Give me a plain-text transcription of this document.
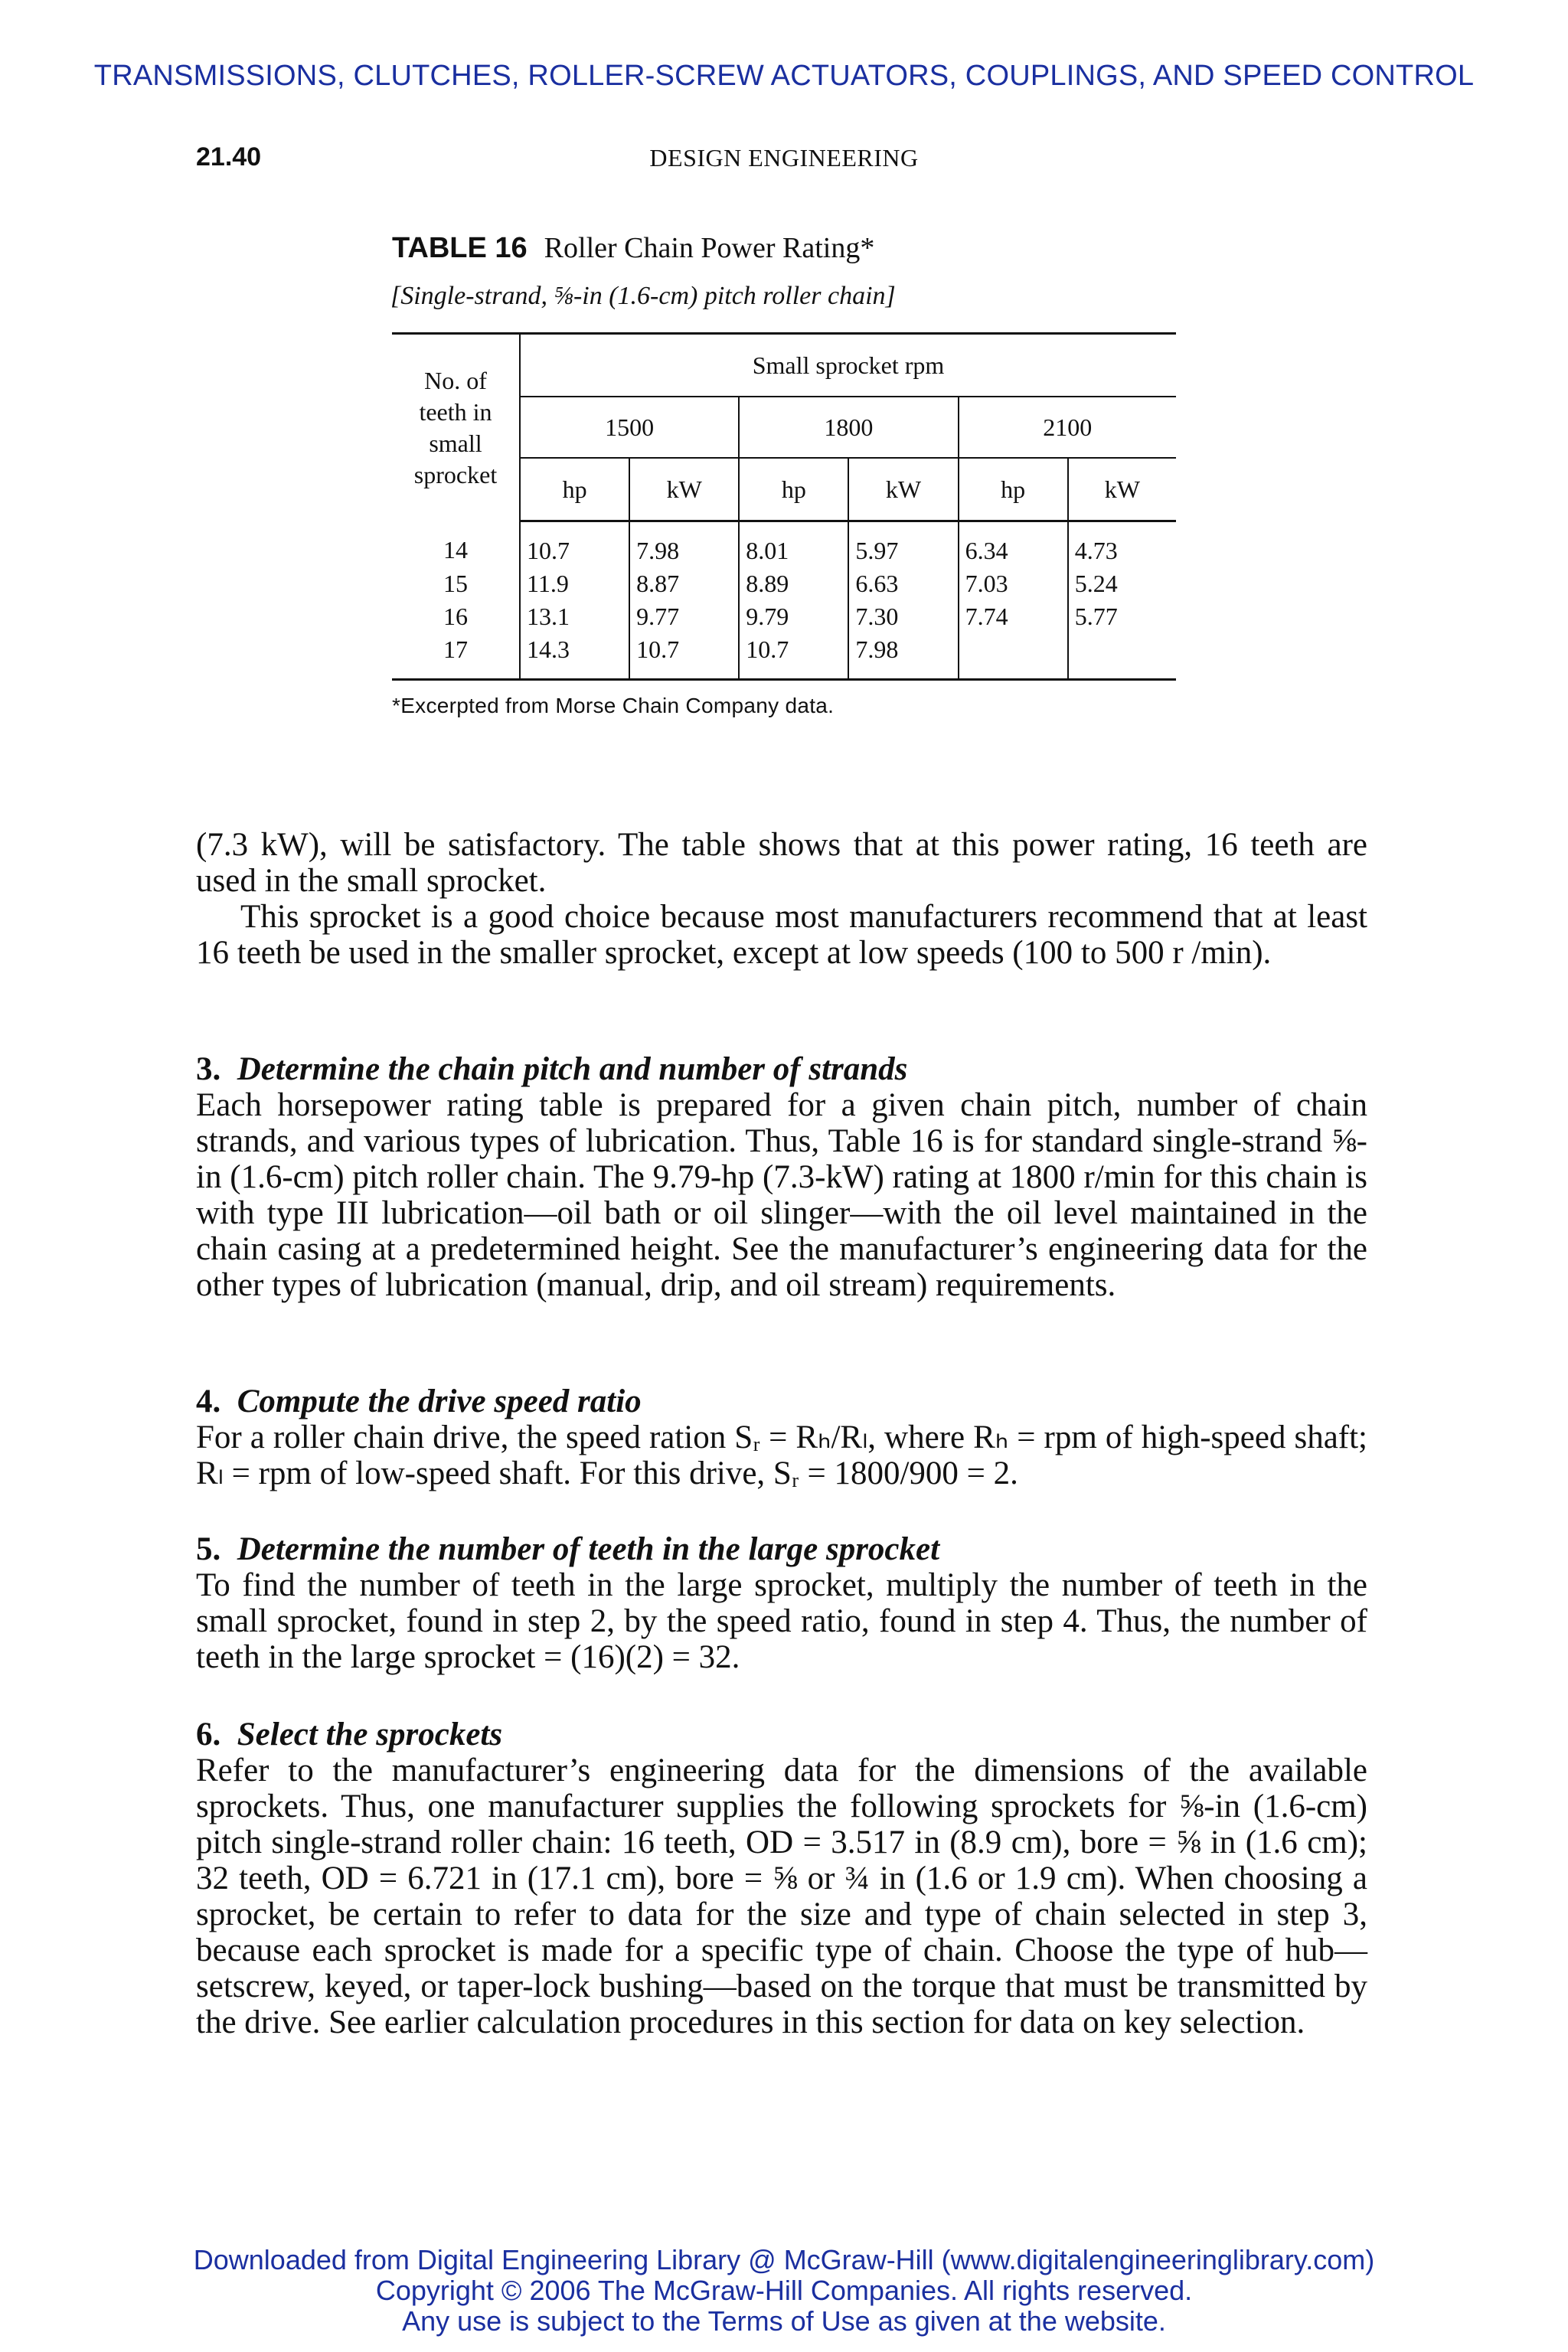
TRANSMISSIONS, CLUTCHES, ROLLER-SCREW ACTUATORS, COUPLINGS, AND SPEED CONTROL
21.40	DESIGN ENGINEERING
TABLE 16 Roller Chain Power Rating*
[Single-strand, ⅝-in (1.6-cm) pitch roller chain]
No. of teeth in small sprocket	Small sprocket rpm					
	1500		1800		2100	
	hp	kW	hp	kW	hp	kW
14	10.7	7.98	8.01	5.97	6.34	4.73
15	11.9	8.87	8.89	6.63	7.03	5.24
16	13.1	9.77	9.79	7.30	7.74	5.77
17	14.3	10.7	10.7	7.98		
*Excerpted from Morse Chain Company data.

(7.3 kW), will be satisfactory. The table shows that at this power rating, 16 teeth are used in the small sprocket.

This sprocket is a good choice because most manufacturers recommend that at least 16 teeth be used in the smaller sprocket, except at low speeds (100 to 500 r /min).

3. Determine the chain pitch and number of strands

Each horsepower rating table is prepared for a given chain pitch, number of chain strands, and various types of lubrication. Thus, Table 16 is for standard single-strand ⅝-in (1.6-cm) pitch roller chain. The 9.79-hp (7.3-kW) rating at 1800 r/min for this chain is with type III lubrication—oil bath or oil slinger—with the oil level maintained in the chain casing at a predetermined height. See the manufacturer’s engineering data for the other types of lubrication (manual, drip, and oil stream) requirements.

4. Compute the drive speed ratio

For a roller chain drive, the speed ration Sᵣ = Rₕ/Rₗ, where Rₕ = rpm of high-speed shaft; Rₗ = rpm of low-speed shaft. For this drive, Sᵣ = 1800/900 = 2.

5. Determine the number of teeth in the large sprocket

To find the number of teeth in the large sprocket, multiply the number of teeth in the small sprocket, found in step 2, by the speed ratio, found in step 4. Thus, the number of teeth in the large sprocket = (16)(2) = 32.

6. Select the sprockets

Refer to the manufacturer’s engineering data for the dimensions of the available sprockets. Thus, one manufacturer supplies the following sprockets for ⅝-in (1.6-cm) pitch single-strand roller chain: 16 teeth, OD = 3.517 in (8.9 cm), bore = ⅝ in (1.6 cm); 32 teeth, OD = 6.721 in (17.1 cm), bore = ⅝ or ¾ in (1.6 or 1.9 cm). When choosing a sprocket, be certain to refer to data for the size and type of chain selected in step 3, because each sprocket is made for a specific type of chain. Choose the type of hub—setscrew, keyed, or taper-lock bushing—based on the torque that must be transmitted by the drive. See earlier calculation procedures in this section for data on key selection.

Downloaded from Digital Engineering Library @ McGraw-Hill (www.digitalengineeringlibrary.com)
Copyright © 2006 The McGraw-Hill Companies. All rights reserved.
Any use is subject to the Terms of Use as given at the website.
